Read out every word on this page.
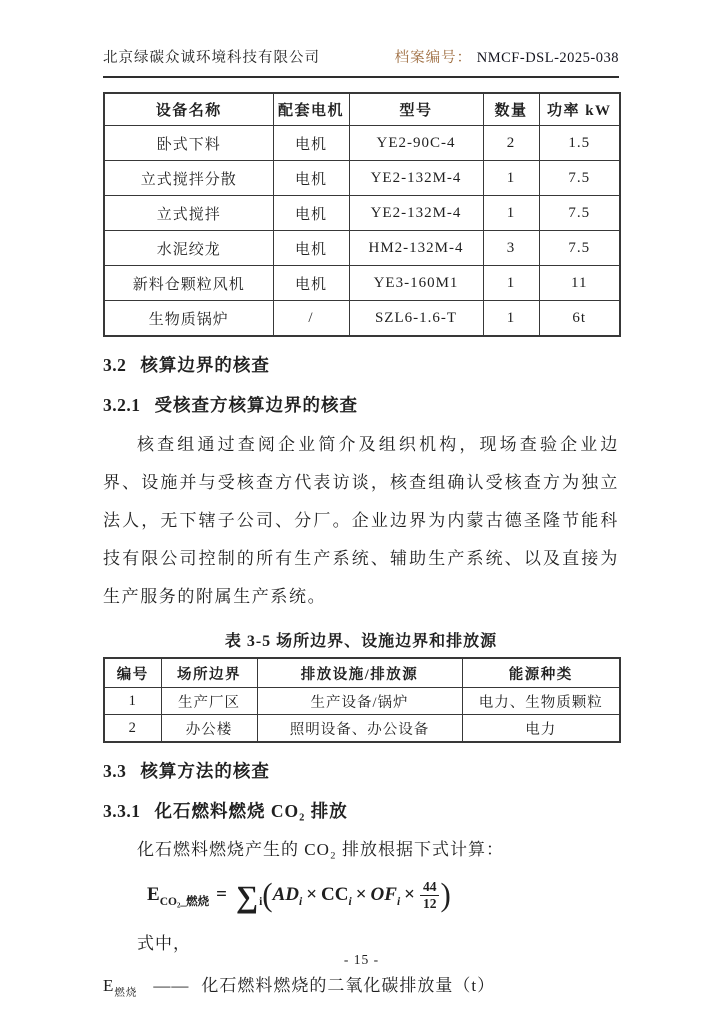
北京绿碳众诚环境科技有限公司	档案编号： NMCF-DSL-2025-038
设备名称	配套电机	型号	数量	功率 kW
卧式下料	电机	YE2-90C-4	2	1.5
立式搅拌分散	电机	YE2-132M-4	1	7.5
立式搅拌	电机	YE2-132M-4	1	7.5
水泥绞龙	电机	HM2-132M-4	3	7.5
新料仓颗粒风机	电机	YE3-160M1	1	11
生物质锅炉	/	SZL6-1.6-T	1	6t
3.2 核算边界的核查
3.2.1 受核查方核算边界的核查

核查组通过查阅企业简介及组织机构，现场查验企业边界、设施并与受核查方代表访谈，核查组确认受核查方为独立法人，无下辖子公司、分厂。企业边界为内蒙古德圣隆节能科技有限公司控制的所有生产系统、辅助生产系统、以及直接为生产服务的附属生产系统。

表 3-5 场所边界、设施边界和排放源
编号	场所边界	排放设施/排放源	能源种类
1	生产厂区	生产设备/锅炉	电力、生物质颗粒
2	办公楼	照明设备、办公设备	电力
3.3 核算方法的核查
3.3.1 化石燃料燃烧 CO₂ 排放

化石燃料燃烧产生的 CO₂ 排放根据下式计算：

$E_{CO_2\_燃烧} = \sum_i(AD_i \times CC_i \times OF_i \times \frac{44}{12}$ )

式中，

$E_{燃烧}$ —— 化石燃料燃烧的二氧化碳排放量（t）
- 15 -
